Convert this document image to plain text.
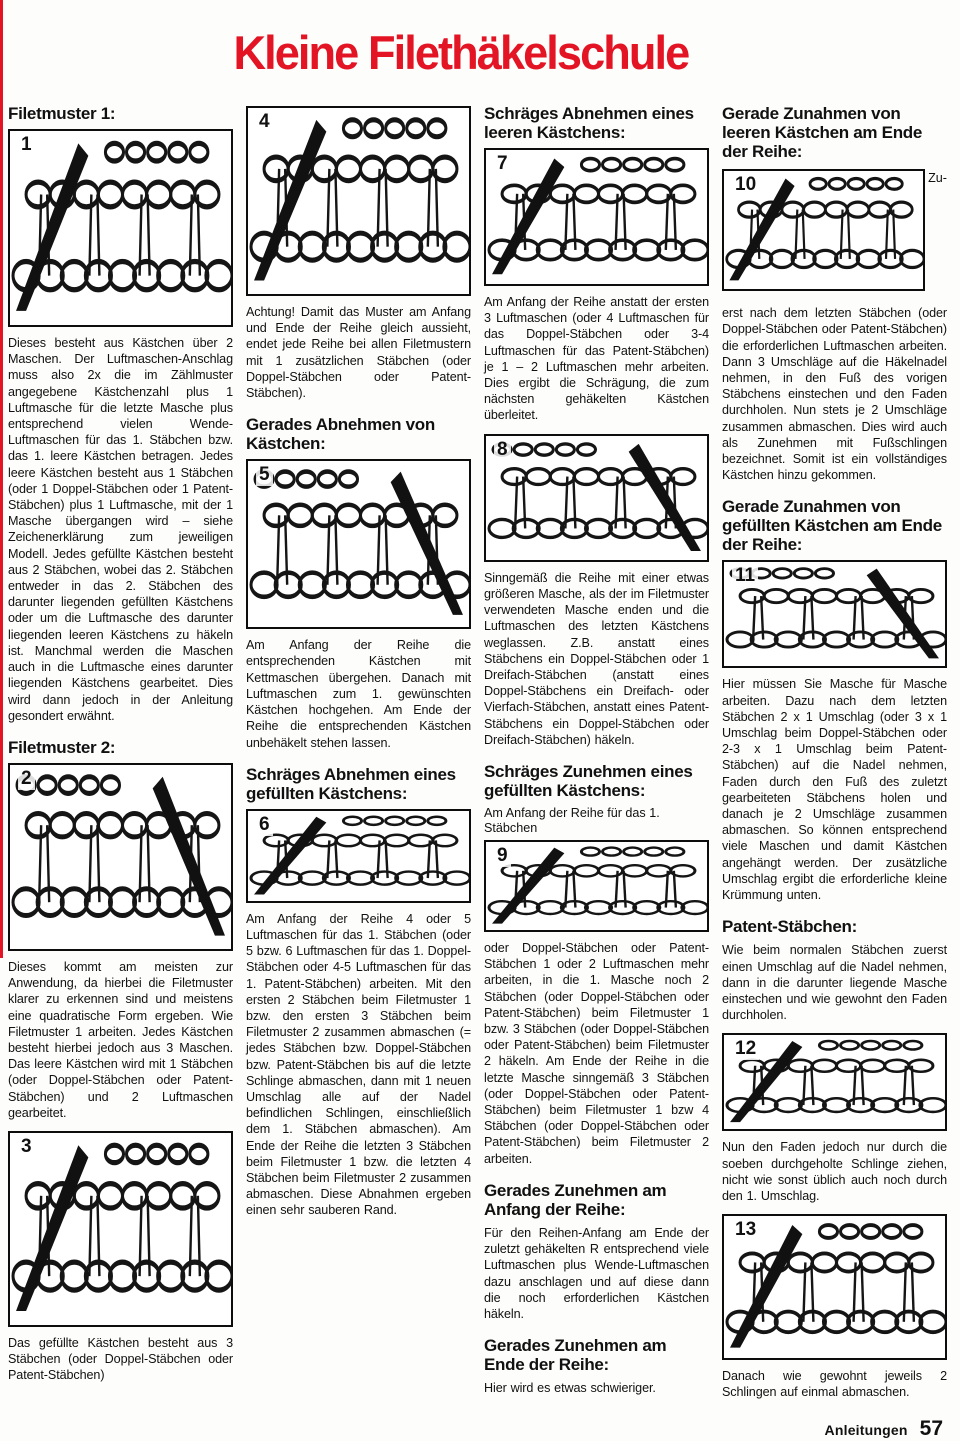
Kleine Filethäkelschule
Filetmuster 1:
1

Dieses besteht aus Kästchen über 2 Maschen. Der Luftmaschen-Anschlag muss also 2x die im Zählmuster angegebene Kästchenzahl plus 1 Luftmasche für die letzte Masche plus entsprechend vielen Wende-Luftmaschen für das 1. Stäbchen bzw. das 1. leere Kästchen betragen. Jedes leere Kästchen besteht aus 1 Stäbchen (oder 1 Doppel-Stäbchen oder 1 Patent-Stäbchen) plus 1 Luftmasche, mit der 1 Masche übergangen wird – siehe Zeichenerklärung zum jeweiligen Modell. Jedes gefüllte Kästchen besteht aus 2 Stäbchen, wobei das 2. Stäbchen entweder in das 2. Stäbchen des darunter liegenden gefüllten Kästchens oder um die Luftmasche des darunter liegenden leeren Kästchens zu häkeln ist. Manchmal werden die Maschen auch in die Luftmasche eines darunter liegenden Kästchens gearbeitet. Dies wird dann jedoch in der Anleitung gesondert erwähnt.

Filetmuster 2:
2

Dieses kommt am meisten zur Anwendung, da hierbei die Filetmuster klarer zu erkennen sind und meistens eine quadratische Form ergeben. Wie Filetmuster 1 arbeiten. Jedes Kästchen besteht hierbei jedoch aus 3 Maschen. Das leere Kästchen wird mit 1 Stäbchen (oder Doppel-Stäbchen oder Patent-Stäbchen) und 2 Luftmaschen gearbeitet.

3

Das gefüllte Kästchen besteht aus 3 Stäbchen (oder Doppel-Stäbchen oder Patent-Stäbchen)

4

Achtung! Damit das Muster am Anfang und Ende der Reihe gleich aussieht, endet jede Reihe bei allen Filetmustern mit 1 zusätzlichen Stäbchen (oder Doppel-Stäbchen oder Patent-Stäbchen).

Gerades Abnehmen von Kästchen:
5

Am Anfang der Reihe die entsprechenden Kästchen mit Kettmaschen übergehen. Danach mit Luftmaschen zum 1. gewünschten Kästchen hochgehen. Am Ende der Reihe die entsprechenden Kästchen unbehäkelt stehen lassen.

Schräges Abnehmen eines gefüllten Kästchens:
6

Am Anfang der Reihe 4 oder 5 Luftmaschen für das 1. Stäbchen (oder 5 bzw. 6 Luftmaschen für das 1. Doppel-Stäbchen oder 4-5 Luftmaschen für das 1. Patent-Stäbchen) arbeiten. Mit den ersten 2 Stäbchen beim Filetmuster 1 bzw. den ersten 3 Stäbchen beim Filetmuster 2 zusammen abmaschen (= jedes Stäbchen bzw. Doppel-Stäbchen bzw. Patent-Stäbchen bis auf die letzte Schlinge abmaschen, dann mit 1 neuen Umschlag alle auf der Nadel befindlichen Schlingen, einschließlich dem 1. Stäbchen abmaschen). Am Ende der Reihe die letzten 3 Stäbchen beim Filetmuster 1 bzw. die letzten 4 Stäbchen beim Filetmuster 2 zusammen abmaschen. Diese Abnahmen ergeben einen sehr sauberen Rand.

Schräges Abnehmen eines leeren Kästchens:
7

Am Anfang der Reihe anstatt der ersten 3 Luftmaschen (oder 4 Luftmaschen für das Doppel-Stäbchen oder 3-4 Luftmaschen für das Patent-Stäbchen) je 1 – 2 Luftmaschen mehr arbeiten. Dies ergibt die Schrägung, die zum nächsten gehäkelten Kästchen überleitet.

8

Sinngemäß die Reihe mit einer etwas größeren Masche, als der im Filetmuster verwendeten Masche enden und die Luftmaschen des letzten Kästchens weglassen. Z.B. anstatt eines Stäbchens ein Doppel-Stäbchen oder 1 Dreifach-Stäbchen (anstatt eines Doppel-Stäbchens ein Dreifach- oder Vierfach-Stäbchen, anstatt eines Patent-Stäbchens ein Doppel-Stäbchen oder Dreifach-Stäbchen) häkeln.

Schräges Zunehmen eines gefüllten Kästchens:

Am Anfang der Reihe für das 1. Stäbchen

9

oder Doppel-Stäbchen oder Patent-Stäbchen 1 oder 2 Luftmaschen mehr arbeiten, in die 1. Masche noch 2 Stäbchen (oder Doppel-Stäbchen oder Patent-Stäbchen) beim Filetmuster 1 bzw. 3 Stäbchen (oder Doppel-Stäbchen oder Patent-Stäbchen) beim Filetmuster 2 häkeln. Am Ende der Reihe in die letzte Masche sinngemäß 3 Stäbchen (oder Doppel-Stäbchen oder Patent-Stäbchen) beim Filetmuster 1 bzw 4 Stäbchen (oder Doppel-Stäbchen oder Patent-Stäbchen) beim Filetmuster 2 arbeiten.

Gerades Zunehmen am Anfang der Reihe:

Für den Reihen-Anfang am Ende der zuletzt gehäkelten R entsprechend viele Luftmaschen plus Wende-Luftmaschen dazu anschlagen und auf diese dann die noch erforderlichen Kästchen häkeln.

Gerades Zunehmen am Ende der Reihe:

Hier wird es etwas schwieriger.

Gerade Zunahmen von leeren Kästchen am Ende der Reihe:
10	Zu-

erst nach dem letzten Stäbchen (oder Doppel-Stäbchen oder Patent-Stäbchen) die erforderlichen Luftmaschen arbeiten. Dann 3 Umschläge auf die Häkelnadel nehmen, in den Fuß des vorigen Stäbchens einstechen und den Faden durchholen. Nun stets je 2 Umschläge zusammen abmaschen. Dies wird auch als Zunehmen mit Fußschlingen bezeichnet. Somit ist ein vollständiges Kästchen hinzu gekommen.

Gerade Zunahmen von gefüllten Kästchen am Ende der Reihe:
11

Hier müssen Sie Masche für Masche arbeiten. Dazu nach dem letzten Stäbchen 2 x 1 Umschlag (oder 3 x 1 Umschlag beim Doppel-Stäbchen oder 2-3 x 1 Umschlag beim Patent-Stäbchen) auf die Nadel nehmen, Faden durch den Fuß des zuletzt gearbeiteten Stäbchens holen und danach je 2 Umschläge zusammen abmaschen. So können entsprechend viele Maschen und damit Kästchen angehängt werden. Der zusätzliche Umschlag ergibt die erforderliche kleine Krümmung unten.

Patent-Stäbchen:

Wie beim normalen Stäbchen zuerst einen Umschlag auf die Nadel nehmen, dann in die darunter liegende Masche einstechen und wie gewohnt den Faden durchholen.

12

Nun den Faden jedoch nur durch die soeben durchgeholte Schlinge ziehen, nicht wie sonst üblich auch noch durch den 1. Umschlag.

13

Danach wie gewohnt jeweils 2 Schlingen auf einmal abmaschen.

Anleitungen 57
